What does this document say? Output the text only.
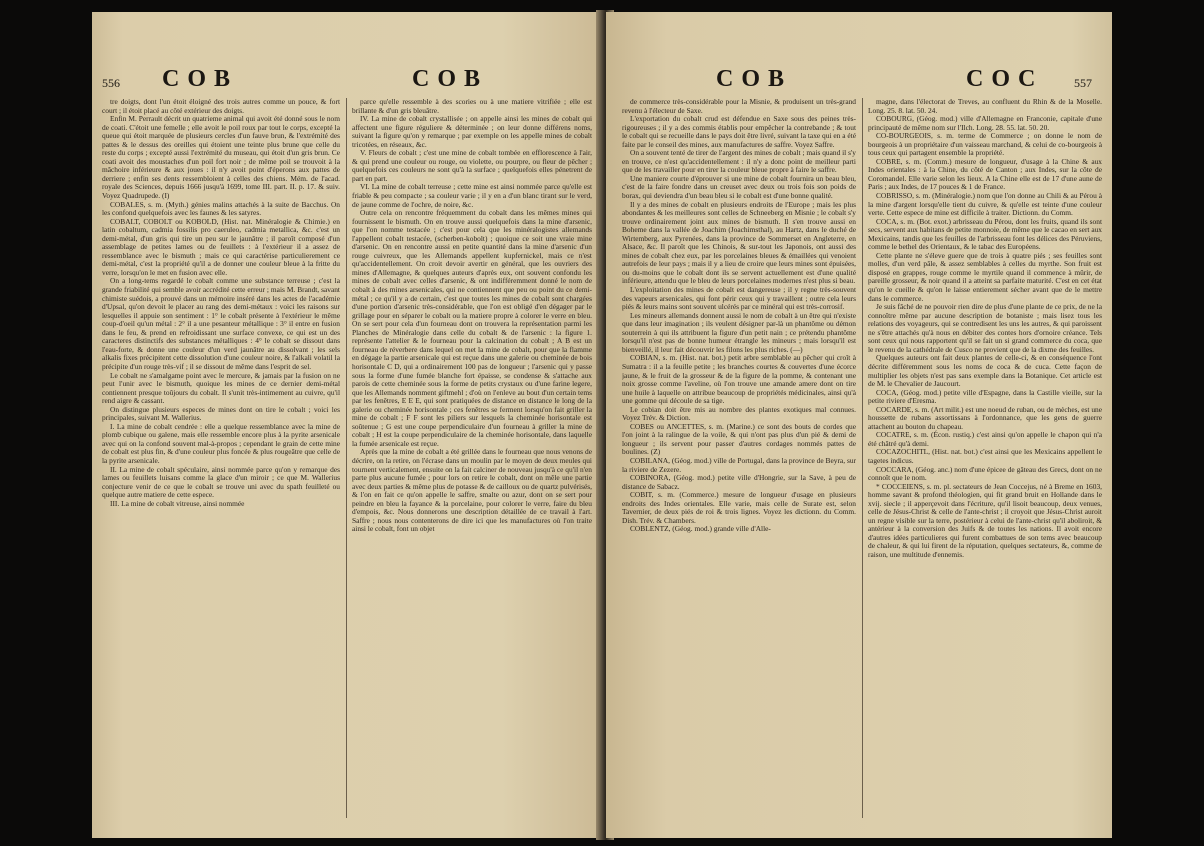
556 COB	COB

tre doigts, dont l'un étoit éloigné des trois autres comme un pouce, & fort court ; il étoit placé au côté extérieur des doigts.

Enfin M. Perrault décrit un quatrieme animal qui avoit été donné sous le nom de coati. C'étoit une femelle ; elle avoit le poil roux par tout le corps, excepté la queue qui étoit marquée de plusieurs cercles d'un fauve brun, & l'extrémité des pattes & le dessus des oreilles qui étoient une teinte plus brune que celle du reste du corps ; excepté aussi l'extrémité du museau, qui étoit d'un gris brun. Ce coati avoit des moustaches d'un poil fort noir ; de même poil se trouvoit à la mâchoire inférieure & aux joues : il n'y avoit point d'éperons aux pattes de derriere ; enfin ses dents ressembloient à celles des chiens. Mém. de l'acad. royale des Sciences, depuis 1666 jusqu'à 1699, tome III. part. II. p. 17. & suiv. Voyez Quadrupede. (I)

COBALES, s. m. (Myth.) génies malins attachés à la suite de Bacchus. On les confond quelquefois avec les faunes & les satyres.

COBALT, COBOLT ou KOBOLD, (Hist. nat. Minéralogie & Chimie.) en latin cobaltum, cadmia fossilis pro caeruleo, cadmia metallica, &c. c'est un demi-métal, d'un gris qui tire un peu sur le jaunâtre ; il paroît composé d'un assemblage de petites lames ou de feuillets : à l'extérieur il a assez de ressemblance avec le bismuth ; mais ce qui caractérise particulierement ce demi-métal, c'est la propriété qu'il a de donner une couleur bleue à la fritte du verre, lorsqu'on le met en fusion avec elle.

On a long-tems regardé le cobalt comme une substance terreuse ; c'est la grande friabilité qui semble avoir accrédité cette erreur ; mais M. Brandt, savant chimiste suédois, a prouvé dans un mémoire inséré dans les actes de l'académie d'Upsal, qu'on devoit le placer au rang des demi-métaux : voici les raisons sur lesquelles il appuie son sentiment : 1° le cobalt présente à l'extérieur le même coup-d'oeil qu'un métal : 2° il a une pesanteur métallique : 3° il entre en fusion dans le feu, & prend en refroidissant une surface convexe, ce qui est un des caracteres distinctifs des substances métalliques : 4° le cobalt se dissout dans l'eau-forte, & donne une couleur d'un verd jaunâtre au dissolvant ; les sels alkalis fixes précipitent cette dissolution d'une couleur noire, & l'alkali volatil la précipite d'un rouge très-vif ; il se dissout de même dans l'esprit de sel.

Le cobalt ne s'amalgame point avec le mercure, & jamais par la fusion on ne peut l'unir avec le bismuth, quoique les mines de ce dernier demi-métal contiennent presque toûjours du cobalt. Il s'unit très-intimement au cuivre, qu'il rend aigre & cassant.

On distingue plusieurs especes de mines dont on tire le cobalt ; voici les principales, suivant M. Wallerius.

I. La mine de cobalt cendrée : elle a quelque ressemblance avec la mine de plomb cubique ou galene, mais elle ressemble encore plus à la pyrite arsenicale avec qui on la confond souvent mal-à-propos ; cependant le grain de cette mine de cobalt est plus fin, & d'une couleur plus foncée & plus rougeâtre que celle de la pyrite arsenicale.

II. La mine de cobalt spéculaire, ainsi nommée parce qu'on y remarque des lames ou feuillets luisans comme la glace d'un miroir ; ce que M. Wallerius conjecture venir de ce que le cobalt se trouve uni avec du spath feuilleté ou quelque autre matiere de cette espece.

III. La mine de cobalt vitreuse, ainsi nommée

parce qu'elle ressemble à des scories ou à une matiere vitrifiée ; elle est brillante & d'un gris bleuâtre.

IV. La mine de cobalt crystallisée ; on appelle ainsi les mines de cobalt qui affectent une figure réguliere & déterminée ; on leur donne différens noms, suivant la figure qu'on y remarque ; par exemple on les appelle mines de cobalt tricotées, en réseaux, &c.

V. Fleurs de cobalt ; c'est une mine de cobalt tombée en efflorescence à l'air, & qui prend une couleur ou rouge, ou violette, ou pourpre, ou fleur de pêcher ; quelquefois ces couleurs ne sont qu'à la surface ; quelquefois elles pénetrent de part en part.

VI. La mine de cobalt terreuse ; cette mine est ainsi nommée parce qu'elle est friable & peu compacte ; sa couleur varie ; il y en a d'un blanc tirant sur le verd, de jaune comme de l'ochre, de noire, &c.

Outre cela on rencontre fréquemment du cobalt dans les mêmes mines qui fournissent le bismuth. On en trouve aussi quelquefois dans la mine d'arsenic, que l'on nomme testacée ; c'est pour cela que les minéralogistes allemands l'appellent cobalt testacée, (scherben-kobolt) ; quoique ce soit une vraie mine d'arsenic. On en rencontre aussi en petite quantité dans la mine d'arsenic d'un rouge cuivreux, que les Allemands appellent kupfernickel, mais ce n'est qu'accidentellement. On croit devoir avertir en général, que les ouvriers des mines d'Allemagne, & quelques auteurs d'après eux, ont souvent confondu les mines de cobalt avec celles d'arsenic, & ont indifféremment donné le nom de cobalt à des mines arsenicales, qui ne contiennent que peu ou point du ce demi-métal ; ce qu'il y a de certain, c'est que toutes les mines de cobalt sont chargées d'une portion d'arsenic très-considérable, que l'on est obligé d'en dégager par le grillage pour en séparer le cobalt ou la matiere propre à colorer le verre en bleu. On se sert pour cela d'un fourneau dont on trouvera la représentation parmi les Planches de Minéralogie dans celle du cobalt & de l'arsenic : la figure 1. représente l'attelier & le fourneau pour la calcination du cobalt ; A B est un fourneau de réverbere dans lequel on met la mine de cobalt, pour que la flamme en dégage la partie arsenicale qui est reçue dans une galerie ou cheminée de bois horisontale C D, qui a ordinairement 100 pas de longueur ; l'arsenic qui y passe sous la forme d'une fumée blanche fort épaisse, se condense & s'attache aux parois de cette cheminée sous la forme de petits crystaux ou d'une farine legere, que les Allemands nomment giftmehl ; d'où on l'enleve au bout d'un certain tems par les fenêtres, E E E, qui sont pratiquées de distance en distance le long de la galerie ou cheminée horisontale ; ces fenêtres se ferment lorsqu'on fait griller la mine de cobalt ; F F sont les piliers sur lesquels la cheminée horisontale est soûtenue ; G est une coupe perpendiculaire d'un fourneau à griller la mine de cobalt ; H est la coupe perpendiculaire de la cheminée horisontale, dans laquelle la fumée arsenicale est reçue.

Après que la mine de cobalt a été grillée dans le fourneau que nous venons de décrire, on la retire, on l'écrase dans un moulin par le moyen de deux meules qui tournent verticalement, ensuite on la fait calciner de nouveau jusqu'à ce qu'il n'en parte plus aucune fumée ; pour lors on retire le cobalt, dont on mêle une partie avec deux parties & même plus de potasse & de cailloux ou de quartz pulvérisés, & l'on en fait ce qu'on appelle le saffre, smalte ou azur, dont on se sert pour peindre en bleu la fayance & la porcelaine, pour colorer le verre, faire du bleu d'empois, &c. Nous donnerons une description détaillée de ce travail à l'art. Saffre ; nous nous contenterons de dire ici que les manufactures où l'on traite ainsi le cobalt, font un objet

COB	COC	557

de commerce très-considérable pour la Misnie, & produisent un très-grand revenu à l'électeur de Saxe.

L'exportation du cobalt crud est défendue en Saxe sous des peines très-rigoureuses ; il y a des commis établis pour empêcher la contrebande ; & tout le cobalt qui se recueille dans le pays doit être livré, suivant la taxe qui en a été faite par le conseil des mines, aux manufactures de saffre. Voyez Saffre.

On a souvent tenté de tirer de l'argent des mines de cobalt ; mais quand il s'y en trouve, ce n'est qu'accidentellement : il n'y a donc point de meilleur parti que de les travailler pour en tirer la couleur bleue propre à faire le saffre.

Une maniere courte d'éprouver si une mine de cobalt fournira un beau bleu, c'est de la faire fondre dans un creuset avec deux ou trois fois son poids de borax, qui deviendra d'un beau bleu si le cobalt est d'une bonne qualité.

Il y a des mines de cobalt en plusieurs endroits de l'Europe ; mais les plus abondantes & les meilleures sont celles de Schneeberg en Misnie ; le cobalt s'y trouve ordinairement joint aux mines de bismuth. Il s'en trouve aussi en Boheme dans la vallée de Joachim (Joachimsthal), au Hartz, dans le duché de Wirtemberg, aux Pyrenées, dans la province de Sommerset en Angleterre, en Alsace, &c. Il paroît que les Chinois, & sur-tout les Japonois, ont aussi des mines de cobalt chez eux, par les porcelaines bleues & émaillées qui venoient autrefois de leur pays ; mais il y a lieu de croire que leurs mines sont épuisées, ou du-moins que le cobalt dont ils se servent actuellement est d'une qualité inférieure, attendu que le bleu de leurs porcelaines modernes n'est plus si beau.

L'exploitation des mines de cobalt est dangereuse ; il y regne très-souvent des vapeurs arsenicales, qui font périr ceux qui y travaillent ; outre cela leurs piés & leurs mains sont souvent ulcérés par ce minéral qui est très-corrosif.

Les mineurs allemands donnent aussi le nom de cobalt à un être qui n'existe que dans leur imagination ; ils veulent désigner par-là un phantôme ou démon souterrein à qui ils attribuent la figure d'un petit nain ; ce prétendu phantôme lorsqu'il n'est pas de bonne humeur étrangle les mineurs ; mais lorsqu'il est bienveillé, il leur fait découvrir les filons les plus riches. (—)

COBIAN, s. m. (Hist. nat. bot.) petit arbre semblable au pêcher qui croît à Sumatra : il a la feuille petite ; les branches courtes & couvertes d'une écorce jaune, & le fruit de la grosseur & de la figure de la pomme, & contenant une noix grosse comme l'aveline, où l'on trouve une amande amere dont on tire une huile à laquelle on attribue beaucoup de propriétés médicinales, ainsi qu'à une gomme qui découle de sa tige.

Le cobian doit être mis au nombre des plantes exotiques mal connues. Voyez Trév. & Diction.

COBES ou ANCETTES, s. m. (Marine.) ce sont des bouts de cordes que l'on joint à la ralingue de la voile, & qui n'ont pas plus d'un pié & demi de longueur ; ils servent pour passer d'autres cordages nommés pattes de boulines. (Z)

COBILANA, (Géog. mod.) ville de Portugal, dans la province de Beyra, sur la riviere de Zezere.

COBINORA, (Géog. mod.) petite ville d'Hongrie, sur la Save, à peu de distance de Sabacz.

COBIT, s. m. (Commerce.) mesure de longueur d'usage en plusieurs endroits des Indes orientales. Elle varie, mais celle de Surate est, selon Tavernier, de deux piés de roi & trois lignes. Voyez les dictionn. du Comm. Dish. Trév. & Chambers.

COBLENTZ, (Géog. mod.) grande ville d'Alle-

magne, dans l'électorat de Treves, au confluent du Rhin & de la Moselle. Long. 25. 8. lat. 50. 24.

COBOURG, (Géog. mod.) ville d'Allemagne en Franconie, capitale d'une principauté de même nom sur l'Ilch. Long. 28. 55. lat. 50. 20.

CO-BOURGEOIS, s. m. terme de Commerce ; on donne le nom de bourgeois à un propriétaire d'un vaisseau marchand, & celui de co-bourgeois à tous ceux qui partagent ensemble la propriété.

COBRE, s. m. (Comm.) mesure de longueur, d'usage à la Chine & aux Indes orientales : à la Chine, du côté de Canton ; aux Indes, sur la côte de Coromandel. Elle varie selon les lieux. A la Chine elle est de 17 d'une aune de Paris ; aux Indes, de 17 pouces & 1 de France.

COBRISSO, s. m. (Minéralogie.) nom que l'on donne au Chili & au Pérou à la mine d'argent lorsqu'elle tient du cuivre, & qu'elle est teinte d'une couleur verte. Cette espece de mine est difficile à traiter. Dictionn. du Comm.

COCA, s. m. (Bot. exot.) arbrisseau du Pérou, dont les fruits, quand ils sont secs, servent aux habitans de petite monnoie, de même que le cacao en sert aux Mexicains, tandis que les feuilles de l'arbrisseau font les délices des Péruviens, comme le bethel des Orientaux, & le tabac des Européens.

Cette plante ne s'éleve guere que de trois à quatre piés ; ses feuilles sont molles, d'un verd pâle, & assez semblables à celles du myrthe. Son fruit est disposé en grappes, rouge comme le myrtile quand il commence à mûrir, de pareille grosseur, & noir quand il a atteint sa parfaite maturité. C'est en cet état qu'on le cueille & qu'on le laisse entierement sécher avant que de le mettre dans le commerce.

Je suis fâché de ne pouvoir rien dire de plus d'une plante de ce prix, de ne la connoître même par aucune description de botaniste ; mais lisez tous les relations des voyageurs, qui se contredisent les uns les autres, & qui paroissent ne s'être attachés qu'à nous en débiter des contes hors d'ornoire créance. Tels sont ceux qui nous rapportent qu'il se fait un si grand commerce du coca, que le revenu de la cathédrale de Cusco ne provient que de la dixme des feuilles.

Quelques auteurs ont fait deux plantes de celle-ci, & en conséquence l'ont décrite différemment sous les noms de coca & de cuca. Cette façon de multiplier les objets n'est pas sans exemple dans la Botanique. Cet article est de M. le Chevalier de Jaucourt.

COCA, (Géog. mod.) petite ville d'Espagne, dans la Castille vieille, sur la petite riviere d'Eresma.

COCARDE, s. m. (Art milit.) est une noeud de ruban, ou de mèches, est une houssette de rubans assortissans à l'ordonnance, que les gens de guerre attachent au bouton du chapeau.

COCATRE, s. m. (Écon. rustiq.) c'est ainsi qu'on appelle le chapon qui n'a été châtré qu'à demi.

COCAZOCHITL, (Hist. nat. bot.) c'est ainsi que les Mexicains appellent le tagetes indicus.

COCCARA, (Géog. anc.) nom d'une épicee de gâteau des Grecs, dont on ne connoît que le nom.

* COCCEIENS, s. m. pl. sectateurs de Jean Coccejus, né à Breme en 1603, homme savant & profond théologien, qui fit grand bruit en Hollande dans le xvij. siecle ; il apperçevoit dans l'écriture, qu'il lisoit beaucoup, deux venues, celle de Jésus-Christ & celle de l'ante-christ ; il croyoit que Jésus-Christ auroit un regne visible sur la terre, postérieur à celui de l'ante-christ qu'il aboliroit, & antérieur à la conversion des Juifs & de toutes les nations. Il avoit encore d'autres idées particulieres qui furent combattues de son tems avec beaucoup de chaleur, & qui lui firent de la réputation, quelques sectateurs, &, comme de raison, une multitude d'ennemis.
